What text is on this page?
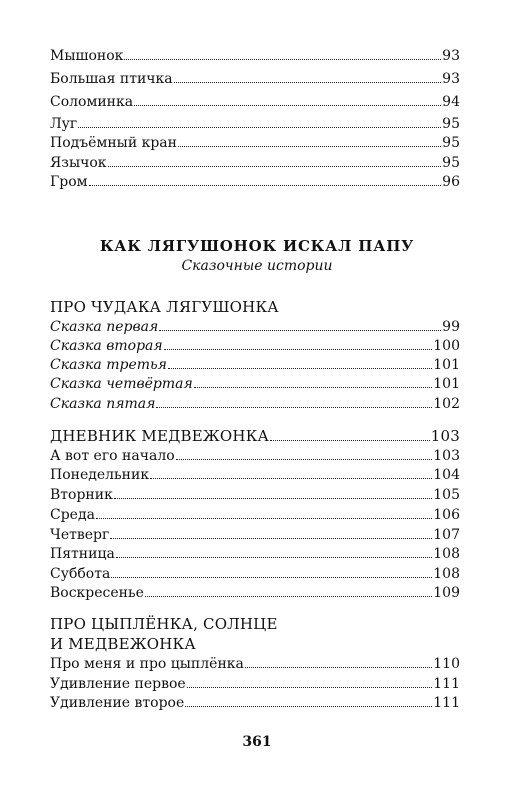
Мышонок	93
Большая птичка	93
Соломинка	94
Луг	95
Подъёмный кран	95
Язычок	95
Гром	96
ПРО ЧУДАКА ЛЯГУШОНКА
Сказка первая	99
Сказка вторая	100
Сказка третья	101
Сказка четвёртая	101
Сказка пятая	102
ДНЕВНИК МЕДВЕЖОНКА	103
А вот его начало	103
Понедельник	104
Вторник	105
Среда	106
Четверг	107
Пятница	108
Суббота	108
Воскресенье	109
ПРО ЦЫПЛЁНКА, СОЛНЦЕ
И МЕДВЕЖОНКА
Про меня и про цыплёнка	110
Удивление первое	111
Удивление второе	111
КАК ЛЯГУШОНОК ИСКАЛ ПАПУ
Сказочные истории
361
